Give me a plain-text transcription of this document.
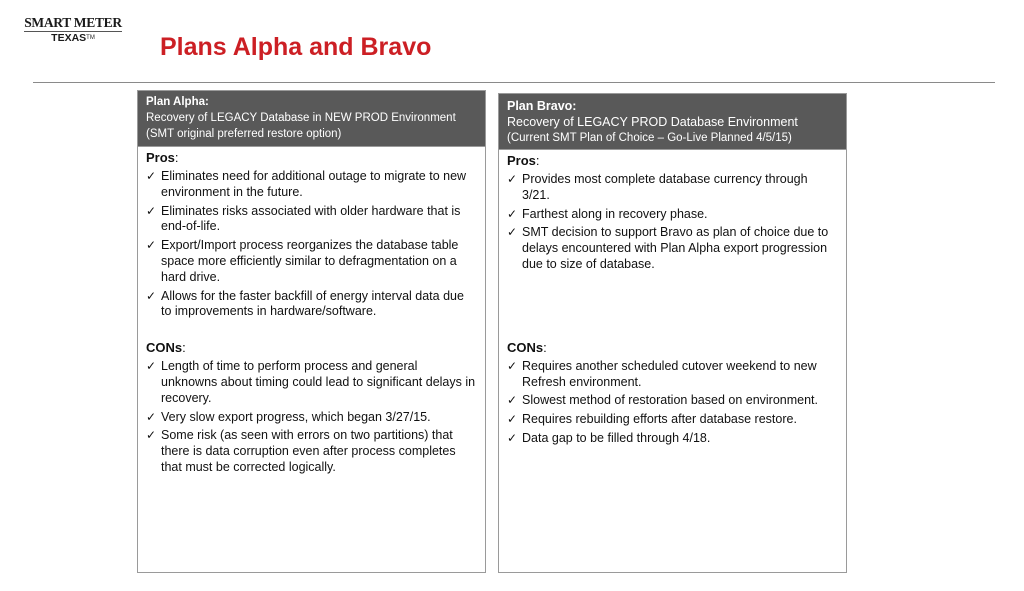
SMART METER
TEXAS™	Plans Alpha and Bravo
Plan Alpha:
Recovery of LEGACY Database in NEW PROD Environment
(SMT original preferred restore option)
Pros:
✓ Eliminates need for additional outage to migrate to new environment in the future.
✓ Eliminates risks associated with older hardware that is end-of-life.
✓ Export/Import process reorganizes the database table space more efficiently similar to defragmentation on a hard drive.
✓ Allows for the faster backfill of energy interval data due to improvements in hardware/software.
CONs:
✓ Length of time to perform process and general unknowns about timing could lead to significant delays in recovery.
✓ Very slow export progress, which began 3/27/15.
✓ Some risk (as seen with errors on two partitions) that there is data corruption even after process completes that must be corrected logically.
Plan Bravo:
Recovery of LEGACY PROD Database Environment
(Current SMT Plan of Choice – Go-Live Planned 4/5/15)
Pros:
✓ Provides most complete database currency through 3/21.
✓ Farthest along in recovery phase.
✓ SMT decision to support Bravo as plan of choice due to delays encountered with Plan Alpha export progression due to size of database.
CONs:
✓ Requires another scheduled cutover weekend to new Refresh environment.
✓ Slowest method of restoration based on environment.
✓ Requires rebuilding efforts after database restore.
✓ Data gap to be filled through 4/18.
